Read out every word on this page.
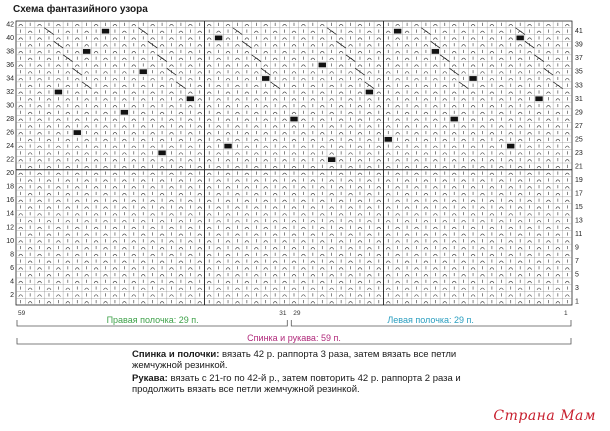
2
4
6
8
10
12
14
16
18
20
22
24
26
28
30
32
34
36
38
40
42
1
3
5
7
9
11
13
15
17
19
21
23
25
27
29
31
33
35
37
39
41
59	31 29	1
Правая полочка: 29 п.	Левая полочка: 29 п.
Спинка и рукава: 59 п.
Схема фантазийного узора
Спинка и полочки: вязать 42 р. раппорта 3 раза, затем вязать все петли жемчужной резинкой.
Рукава: вязать с 21-го по 42-й р., затем повторить 42 р. раппорта 2 раза и продолжить вязать все петли жемчужной резинкой.
Страна Мам
